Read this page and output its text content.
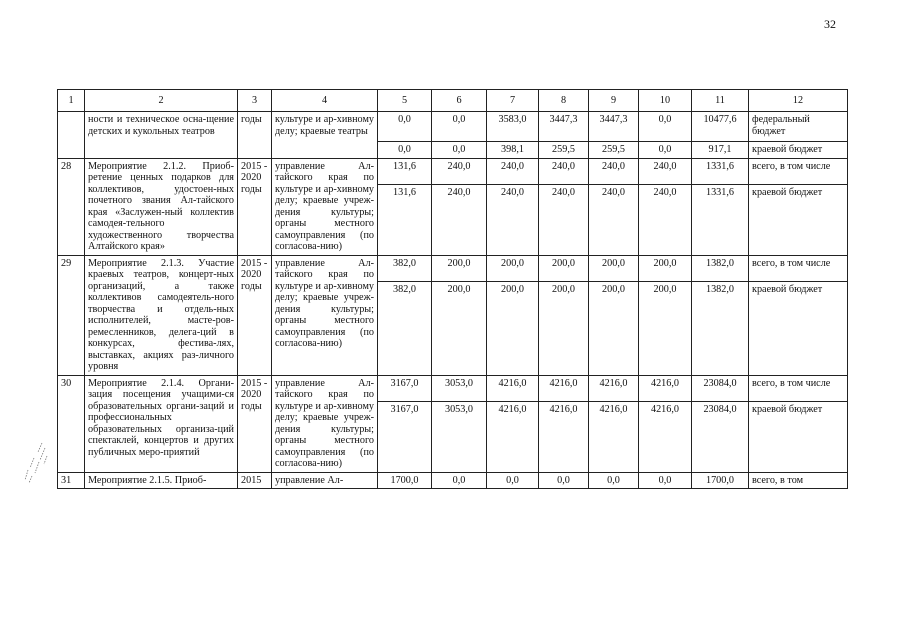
32
1	2	3	4	5	6	7	8	9	10	11	12
	ности и техническое осна-щение детских и кукольных театров	годы	культуре и ар-хивному делу; краевые театры	0,0	0,0	3583,0	3447,3	3447,3	0,0	10477,6	федеральный бюджет
				0,0	0,0	398,1	259,5	259,5	0,0	917,1	краевой бюджет
28	Мероприятие 2.1.2. Приоб-ретение ценных подарков для коллективов, удостоен-ных почетного звания Ал-тайского края «Заслужен-ный коллектив самодея-тельного художественного творчества Алтайского края»	2015 - 2020 годы	управление Ал-тайского края по культуре и ар-хивному делу; краевые учреж-дения культуры; органы местного самоуправления (по согласова-нию)	131,6	240,0	240,0	240,0	240,0	240,0	1331,6	всего, в том числе
				131,6	240,0	240,0	240,0	240,0	240,0	1331,6	краевой бюджет
29	Мероприятие 2.1.3. Участие краевых театров, концерт-ных организаций, а также коллективов самодеятель-ного творчества и отдель-ных исполнителей, масте-ров-ремесленников, делега-ций в конкурсах, фестива-лях, выставках, акциях раз-личного уровня	2015 - 2020 годы	управление Ал-тайского края по культуре и ар-хивному делу; краевые учреж-дения культуры; органы местного самоуправления (по согласова-нию)	382,0	200,0	200,0	200,0	200,0	200,0	1382,0	всего, в том числе
				382,0	200,0	200,0	200,0	200,0	200,0	1382,0	краевой бюджет
30	Мероприятие 2.1.4. Органи-зация посещения учащими-ся образовательных органи-заций и профессиональных образовательных организа-ций спектаклей, концертов и других публичных меро-приятий	2015 - 2020 годы	управление Ал-тайского края по культуре и ар-хивному делу; краевые учреж-дения культуры; органы местного самоуправления (по согласова-нию)	3167,0	3053,0	4216,0	4216,0	4216,0	4216,0	23084,0	всего, в том числе
				3167,0	3053,0	4216,0	4216,0	4216,0	4216,0	23084,0	краевой бюджет
31	Мероприятие 2.1.5. Приоб-	2015	управление Ал-	1700,0	0,0	0,0	0,0	0,0	0,0	1700,0	всего, в том
